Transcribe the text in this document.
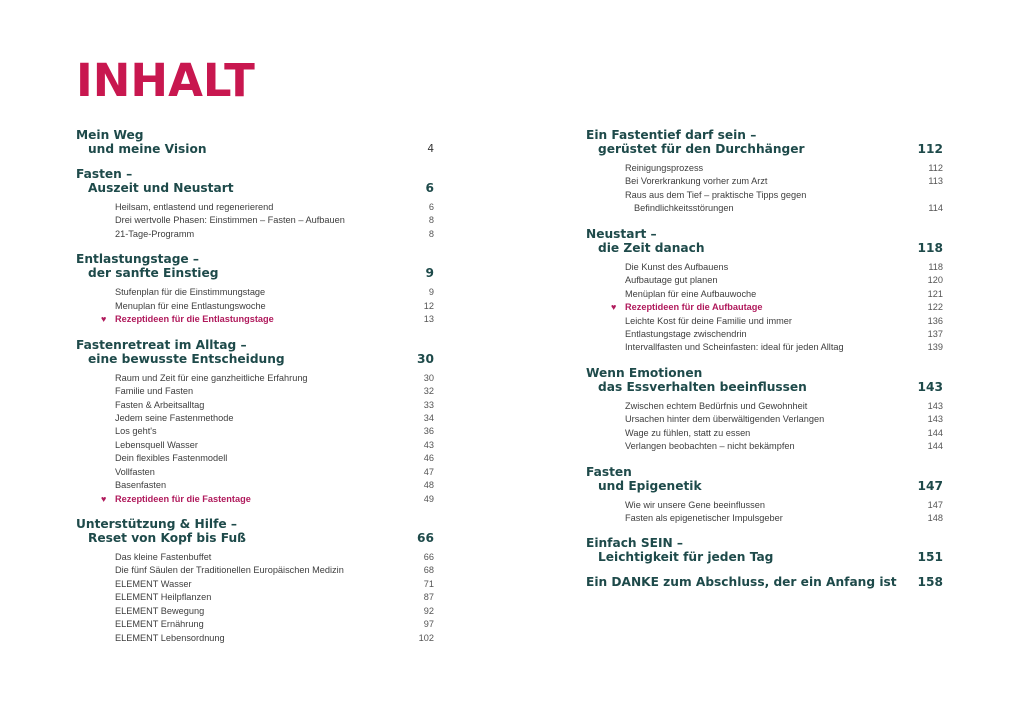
INHALT
Mein Weg
und meine Vision	4
Fasten –
Auszeit und Neustart	6
Heilsam, entlastend und regenerierend	6
Drei wertvolle Phasen: Einstimmen – Fasten – Aufbauen	8
21-Tage-Programm	8
Entlastungstage –
der sanfte Einstieg	9
Stufenplan für die Einstimmungstage	9
Menuplan für eine Entlastungswoche	12
♥ Rezeptideen für die Entlastungstage	13
Fastenretreat im Alltag –
eine bewusste Entscheidung	30
Raum und Zeit für eine ganzheitliche Erfahrung	30
Familie und Fasten	32
Fasten & Arbeitsalltag	33
Jedem seine Fastenmethode	34
Los geht's	36
Lebensquell Wasser	43
Dein flexibles Fastenmodell	46
Vollfasten	47
Basenfasten	48
♥ Rezeptideen für die Fastentage	49
Unterstützung & Hilfe –
Reset von Kopf bis Fuß	66
Das kleine Fastenbuffet	66
Die fünf Säulen der Traditionellen Europäischen Medizin	68
ELEMENT Wasser	71
ELEMENT Heilpflanzen	87
ELEMENT Bewegung	92
ELEMENT Ernährung	97
ELEMENT Lebensordnung	102
Ein Fastentief darf sein –
gerüstet für den Durchhänger	112
Reinigungsprozess	112
Bei Vorerkrankung vorher zum Arzt	113
Raus aus dem Tief – praktische Tipps gegen
Befindlichkeitsstörungen	114
Neustart –
die Zeit danach	118
Die Kunst des Aufbauens	118
Aufbautage gut planen	120
Menüplan für eine Aufbauwoche	121
♥ Rezeptideen für die Aufbautage	122
Leichte Kost für deine Familie und immer	136
Entlastungstage zwischendrin	137
Intervallfasten und Scheinfasten: ideal für jeden Alltag	139
Wenn Emotionen
das Essverhalten beeinflussen	143
Zwischen echtem Bedürfnis und Gewohnheit	143
Ursachen hinter dem überwältigenden Verlangen	143
Wage zu fühlen, statt zu essen	144
Verlangen beobachten – nicht bekämpfen	144
Fasten
und Epigenetik	147
Wie wir unsere Gene beeinflussen	147
Fasten als epigenetischer Impulsgeber	148
Einfach SEIN –
Leichtigkeit für jeden Tag	151
Ein DANKE zum Abschluss, der ein Anfang ist 158
